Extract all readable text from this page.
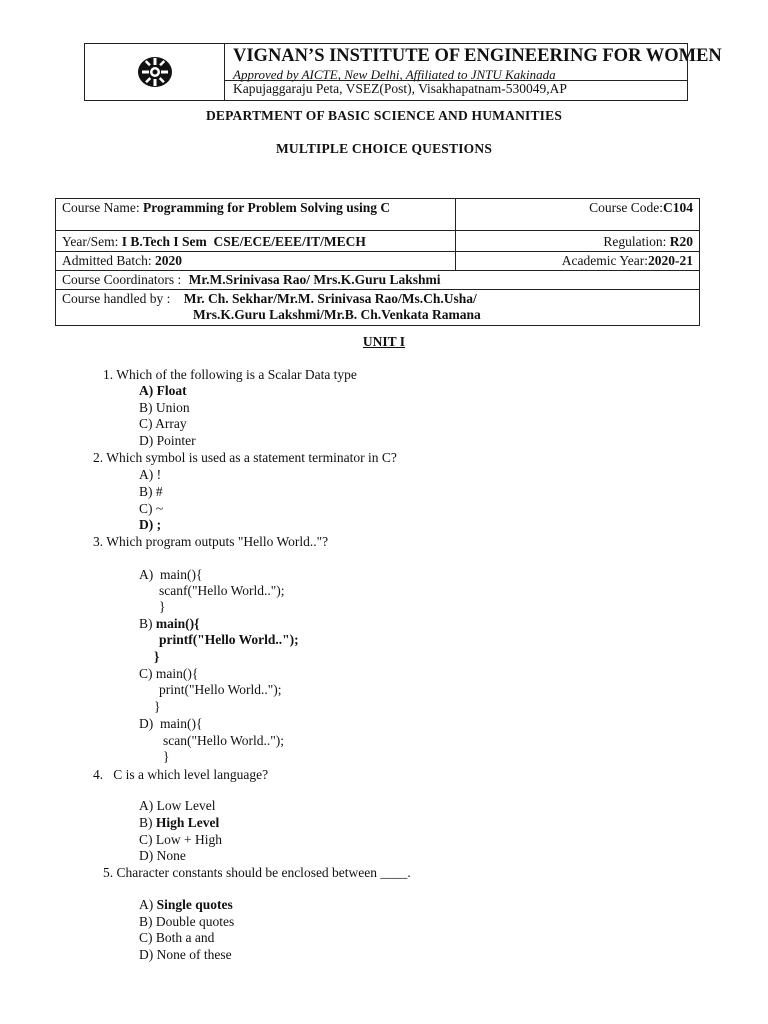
VIGNAN’S INSTITUTE OF ENGINEERING FOR WOMEN
Approved by AICTE, New Delhi, Affiliated to JNTU Kakinada
Kapujaggaraju Peta, VSEZ(Post), Visakhapatnam-530049,AP
DEPARTMENT OF BASIC SCIENCE AND HUMANITIES
MULTIPLE CHOICE QUESTIONS
Course Name: Programming for Problem Solving using C	Course Code:C104
Year/Sem: I B.Tech I Sem  CSE/ECE/EEE/IT/MECH	Regulation: R20
Admitted Batch: 2020	Academic Year:2020-21
Course Coordinators : Mr.M.Srinivasa Rao/ Mrs.K.Guru Lakshmi	
Course handled by : Mr. Ch. Sekhar/Mr.M. Srinivasa Rao/Ms.Ch.Usha/
Mrs.K.Guru Lakshmi/Mr.B. Ch.Venkata Ramana	
UNIT I
1. Which of the following is a Scalar Data type
A) Float
B) Union
C) Array
D) Pointer
2. Which symbol is used as a statement terminator in C?
A) !
B) #
C) ~
D) ;
3. Which program outputs "Hello World.."?
A)  main(){
scanf("Hello World..");
}
B) main(){
printf("Hello World..");
}
C) main(){
print("Hello World..");
}
D)  main(){
scan("Hello World..");
}
4.   C is a which level language?
A) Low Level
B) High Level
C) Low + High
D) None
5. Character constants should be enclosed between ____.
A) Single quotes
B) Double quotes
C) Both a and
D) None of these
